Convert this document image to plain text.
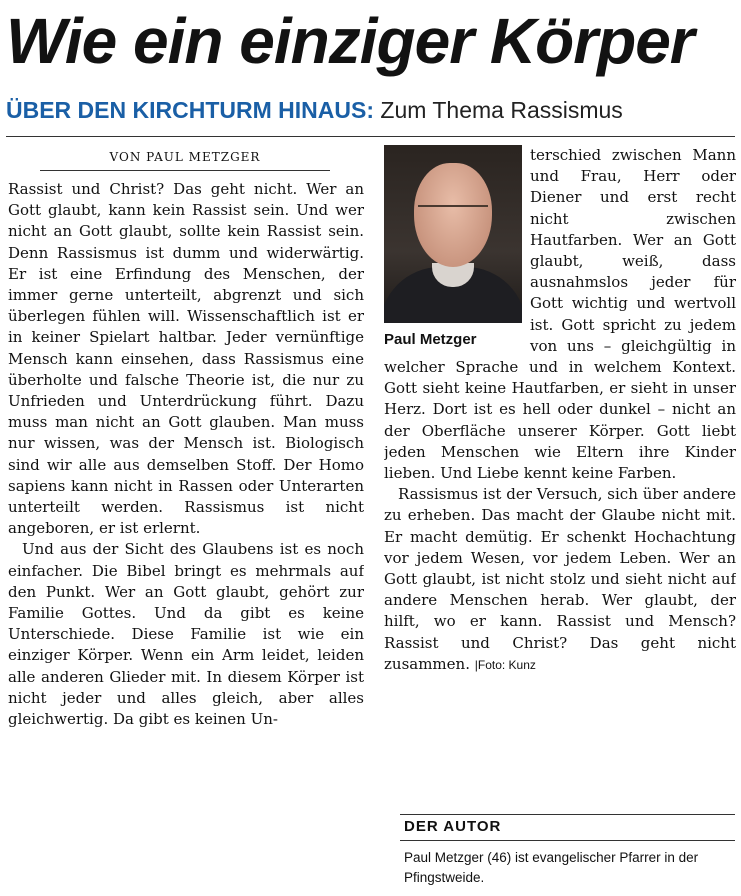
Wie ein einziger Körper
ÜBER DEN KIRCHTURM HINAUS: Zum Thema Rassismus
VON PAUL METZGER

Rassist und Christ? Das geht nicht. Wer an Gott glaubt, kann kein Rassist sein. Und wer nicht an Gott glaubt, sollte kein Rassist sein. Denn Rassismus ist dumm und widerwärtig. Er ist eine Erfindung des Menschen, der immer gerne unterteilt, abgrenzt und sich überlegen fühlen will. Wissenschaftlich ist er in keiner Spielart haltbar. Jeder vernünftige Mensch kann einsehen, dass Rassismus eine überholte und falsche Theorie ist, die nur zu Unfrieden und Unterdrückung führt. Dazu muss man nicht an Gott glauben. Man muss nur wissen, was der Mensch ist. Biologisch sind wir alle aus demselben Stoff. Der Homo sapiens kann nicht in Rassen oder Unterarten unterteilt werden. Rassismus ist nicht angeboren, er ist erlernt.

Und aus der Sicht des Glaubens ist es noch einfacher. Die Bibel bringt es mehrmals auf den Punkt. Wer an Gott glaubt, gehört zur Familie Gottes. Und da gibt es keine Unterschiede. Diese Familie ist wie ein einziger Körper. Wenn ein Arm leidet, leiden alle anderen Glieder mit. In diesem Körper ist nicht jeder und alles gleich, aber alles gleichwertig. Da gibt es keinen Un-

Paul Metzger

terschied zwischen Mann und Frau, Herr oder Diener und erst recht nicht zwischen Hautfarben. Wer an Gott glaubt, weiß, dass ausnahmslos jeder für Gott wichtig und wertvoll ist. Gott spricht zu jedem von uns – gleichgültig in welcher Sprache und in welchem Kontext. Gott sieht keine Hautfarben, er sieht in unser Herz. Dort ist es hell oder dunkel – nicht an der Oberfläche unserer Körper. Gott liebt jeden Menschen wie Eltern ihre Kinder lieben. Und Liebe kennt keine Farben.

Rassismus ist der Versuch, sich über andere zu erheben. Das macht der Glaube nicht mit. Er macht demütig. Er schenkt Hochachtung vor jedem Wesen, vor jedem Leben. Wer an Gott glaubt, ist nicht stolz und sieht nicht auf andere Menschen herab. Wer glaubt, der hilft, wo er kann. Rassist und Mensch? Rassist und Christ? Das geht nicht zusammen. |Foto: Kunz

DER AUTOR
Paul Metzger (46) ist evangelischer Pfarrer in der Pfingstweide.
